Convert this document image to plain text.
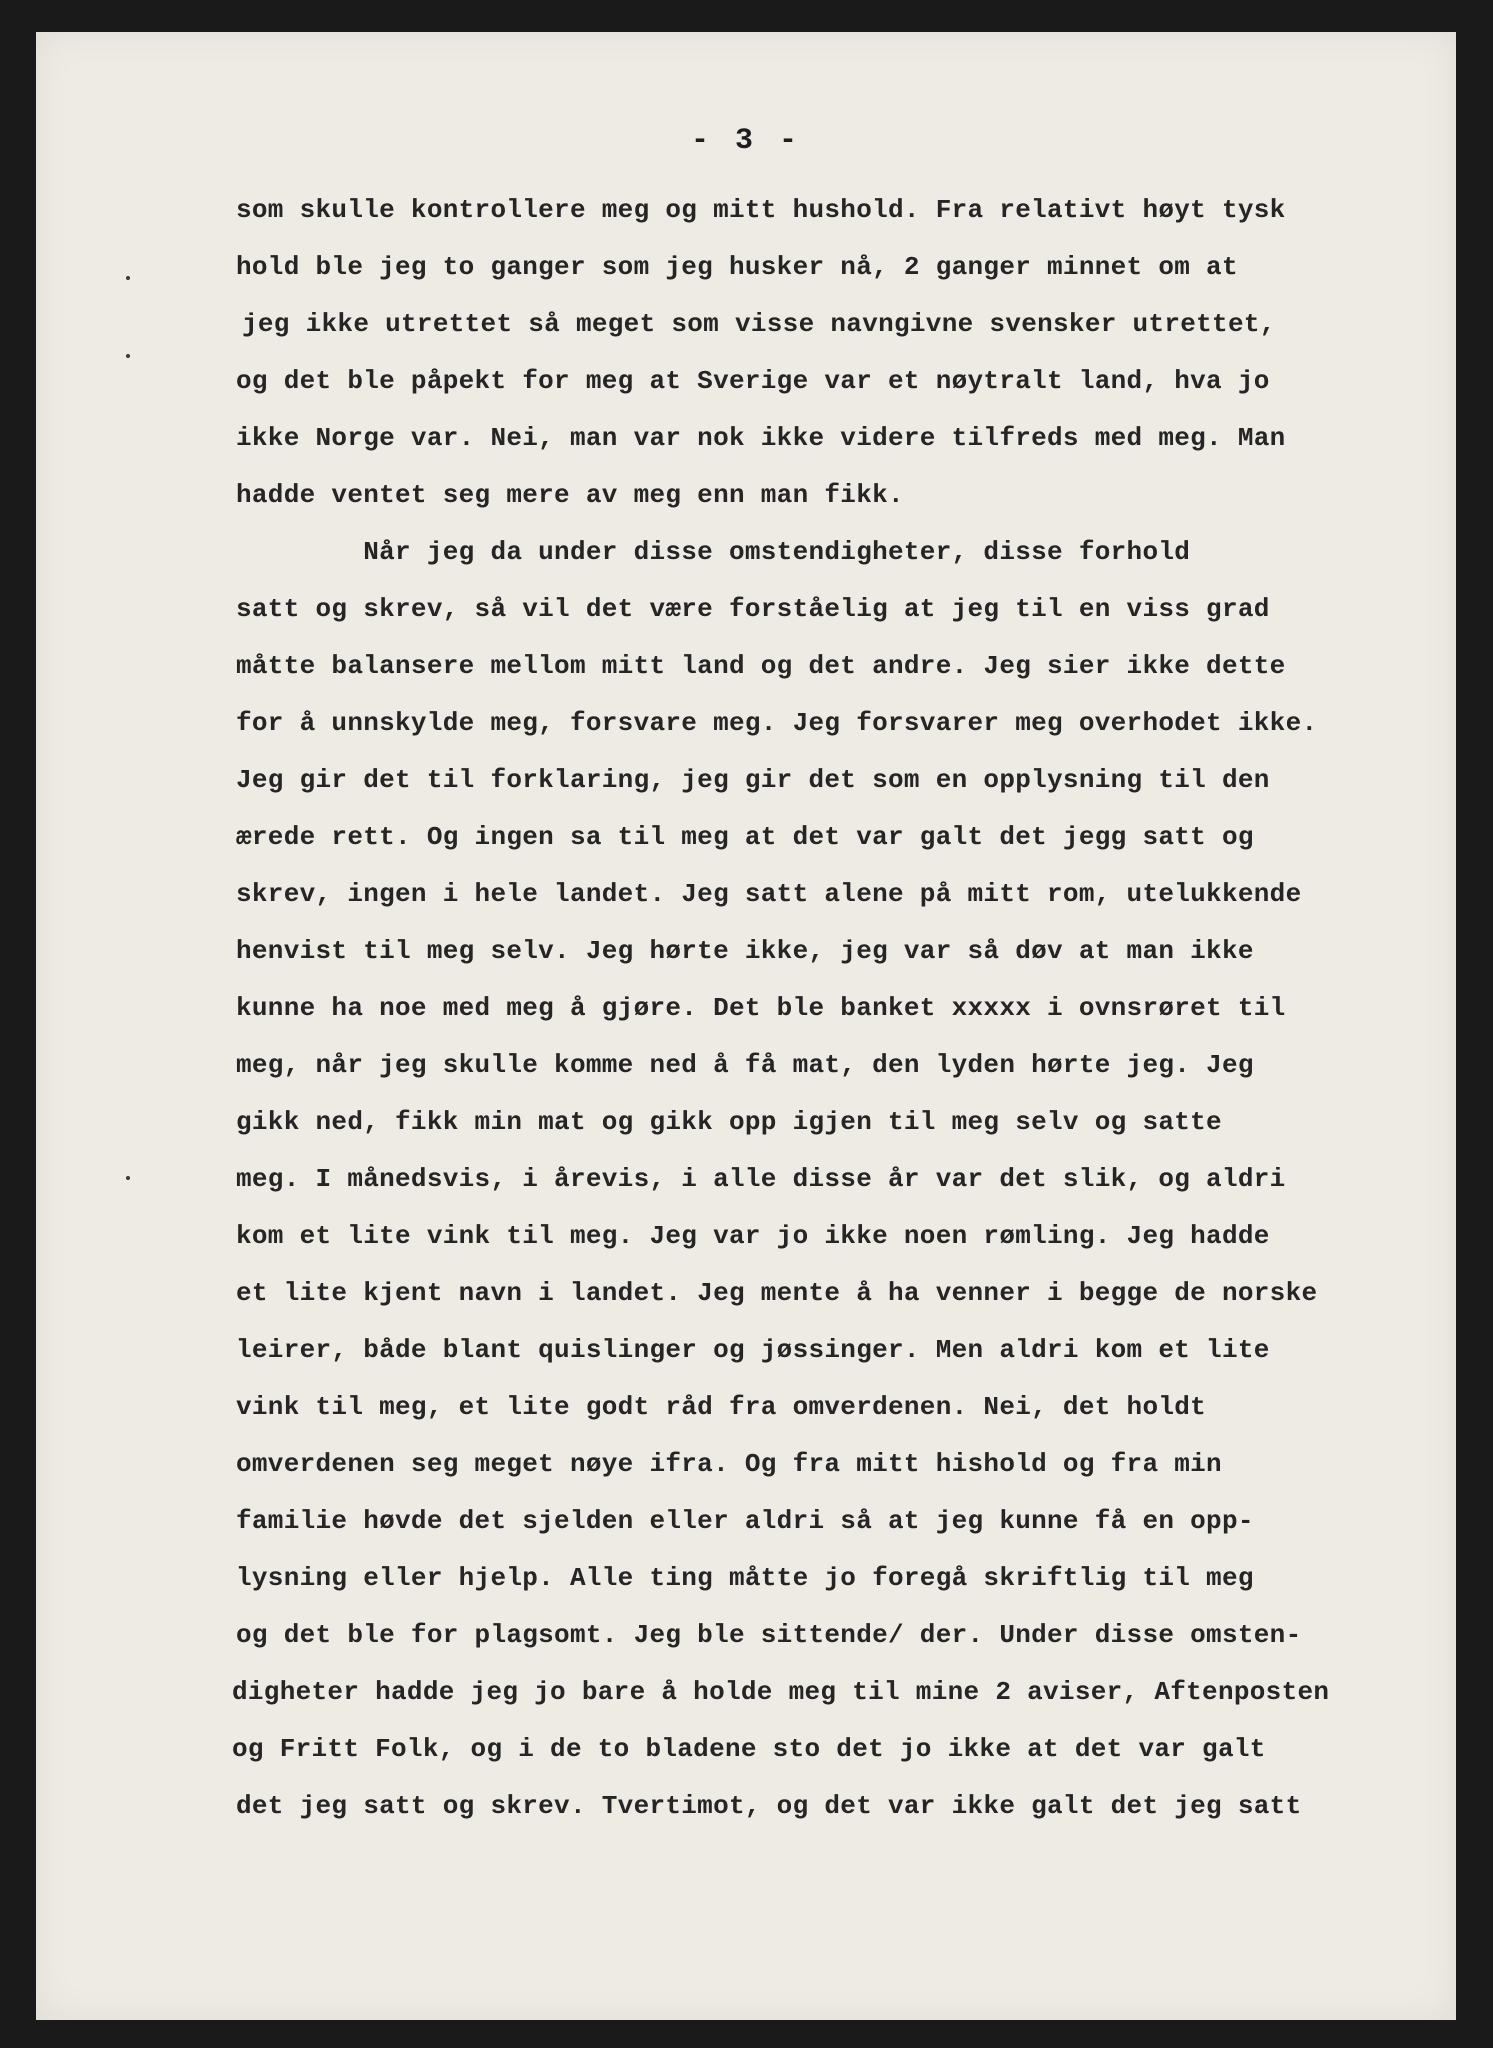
- 3 -
som skulle kontrollere meg og mitt hushold. Fra relativt høyt tysk
hold ble jeg to ganger som jeg husker nå, 2 ganger minnet om at
jeg ikke utrettet så meget som visse navngivne svensker utrettet,
og det ble påpekt for meg at Sverige var et nøytralt land, hva jo
ikke Norge var. Nei, man var nok ikke videre tilfreds med meg. Man
hadde ventet seg mere av meg enn man fikk.
Når jeg da under disse omstendigheter, disse forhold
satt og skrev, så vil det være forståelig at jeg til en viss grad
måtte balansere mellom mitt land og det andre. Jeg sier ikke dette
for å unnskylde meg, forsvare meg. Jeg forsvarer meg overhodet ikke.
Jeg gir det til forklaring, jeg gir det som en opplysning til den
ærede rett. Og ingen sa til meg at det var galt det jegg satt og
skrev, ingen i hele landet. Jeg satt alene på mitt rom, utelukkende
henvist til meg selv. Jeg hørte ikke, jeg var så døv at man ikke
kunne ha noe med meg å gjøre. Det ble banket xxxxx i ovnsrøret til
meg, når jeg skulle komme ned å få mat, den lyden hørte jeg. Jeg
gikk ned, fikk min mat og gikk opp igjen til meg selv og satte
meg. I månedsvis, i årevis, i alle disse år var det slik, og aldri
kom et lite vink til meg. Jeg var jo ikke noen rømling. Jeg hadde
et lite kjent navn i landet. Jeg mente å ha venner i begge de norske
leirer, både blant quislinger og jøssinger. Men aldri kom et lite
vink til meg, et lite godt råd fra omverdenen. Nei, det holdt
omverdenen seg meget nøye ifra. Og fra mitt hishold og fra min
familie høvde det sjelden eller aldri så at jeg kunne få en opp-
lysning eller hjelp. Alle ting måtte jo foregå skriftlig til meg
og det ble for plagsomt. Jeg ble sittende/ der. Under disse omsten-
digheter hadde jeg jo bare å holde meg til mine 2 aviser, Aftenposten
og Fritt Folk, og i de to bladene sto det jo ikke at det var galt
det jeg satt og skrev. Tvertimot, og det var ikke galt det jeg satt
